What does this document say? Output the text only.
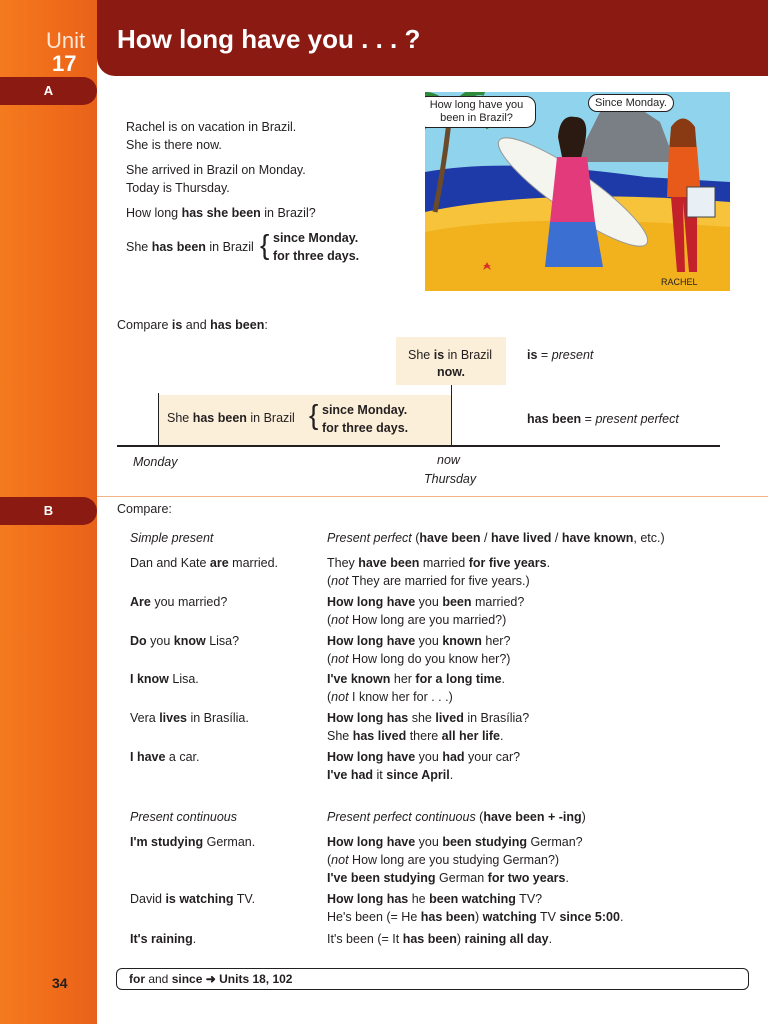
Unit
17
How long have you . . . ?
A
Rachel is on vacation in Brazil.
She is there now.
She arrived in Brazil on Monday.
Today is Thursday.
How long has she been in Brazil?
She has been in Brazil { since Monday.
for three days.
How long have you been in Brazil?
Since Monday.
RACHEL
Compare is and has been:
She is in Brazil
now.
is = present
She has been in Brazil { since Monday.
for three days.
has been = present perfect
Monday	now
Thursday
B	Compare:
Simple present	Present perfect (have been / have lived / have known, etc.)
Dan and Kate are married.	They have been married for five years.
(not They are married for five years.)
Are you married?	How long have you been married?
(not How long are you married?)
Do you know Lisa?	How long have you known her?
(not How long do you know her?)
I know Lisa.	I've known her for a long time.
(not I know her for . . .)
Vera lives in Brasília.	How long has she lived in Brasília?
She has lived there all her life.
I have a car.	How long have you had your car?
I've had it since April.
Present continuous	Present perfect continuous (have been + -ing)
I'm studying German.	How long have you been studying German?
(not How long are you studying German?)
I've been studying German for two years.
David is watching TV.	How long has he been watching TV?
He's been (= He has been) watching TV since 5:00.
It's raining.	It's been (= It has been) raining all day.
for and since ➜ Units 18, 102
34
